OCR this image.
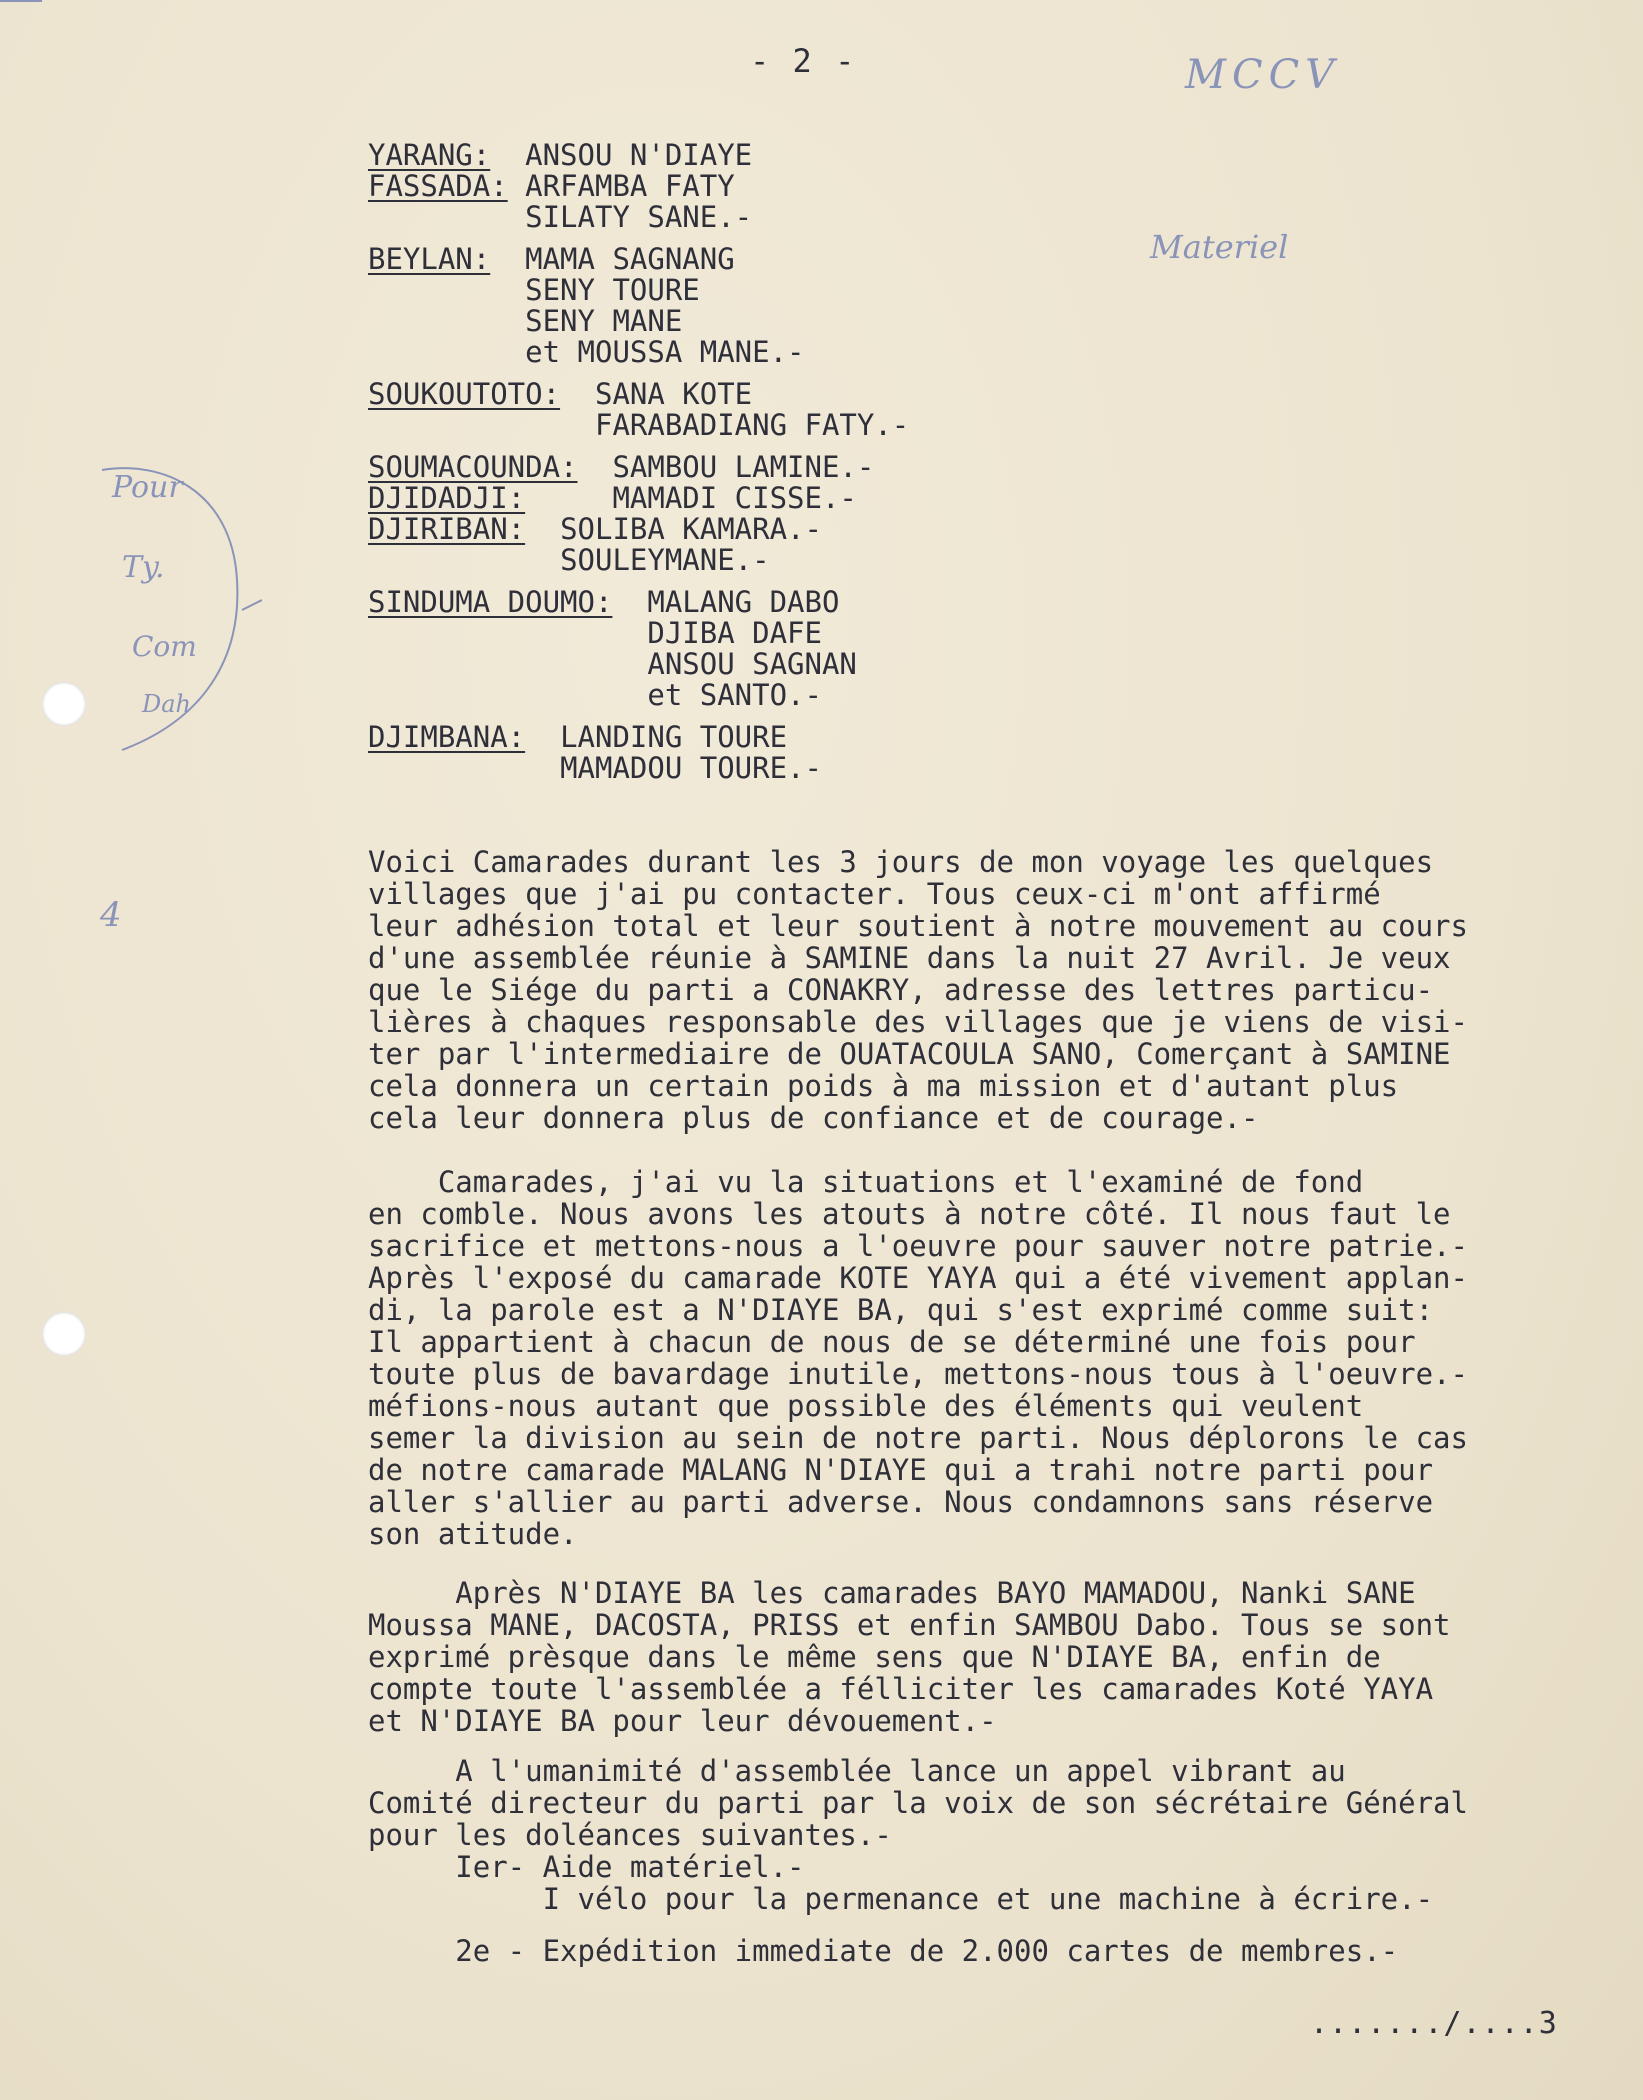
- 2 -	MCCV
Materiel
Pour
Ty.
Com
Dah
4
YARANG: ANSOU N'DIAYE
FASSADA: ARFAMBA FATY
SILATY SANE.-
BEYLAN: MAMA SAGNANG
SENY TOURE
SENY MANE
et MOUSSA MANE.-
SOUKOUTOTO: SANA KOTE
FARABADIANG FATY.-
SOUMACOUNDA: SAMBOU LAMINE.-
DJIDADJI:	MAMADI CISSE.-
DJIRIBAN: SOLIBA KAMARA.-
SOULEYMANE.-
SINDUMA DOUMO: MALANG DABO
DJIBA DAFE
ANSOU SAGNAN
et SANTO.-
DJIMBANA: LANDING TOURE
MAMADOU TOURE.-

Voici Camarades durant les 3 jours de mon voyage les quelques
villages que j'ai pu contacter. Tous ceux-ci m'ont affirmé
leur adhésion total et leur soutient à notre mouvement au cours
d'une assemblée réunie à SAMINE dans la nuit 27 Avril. Je veux
que le Siége du parti a CONAKRY, adresse des lettres particu-
lières à chaques responsable des villages que je viens de visi-
ter par l'intermediaire de OUATACOULA SANO, Comerçant à SAMINE
cela donnera un certain poids à ma mission et d'autant plus
cela leur donnera plus de confiance et de courage.-

Camarades, j'ai vu la situations et l'examiné de fond
en comble. Nous avons les atouts à notre côté. Il nous faut le
sacrifice et mettons-nous a l'oeuvre pour sauver notre patrie.-
Après l'exposé du camarade KOTE YAYA qui a été vivement applan-
di, la parole est a N'DIAYE BA, qui s'est exprimé comme suit:
Il appartient à chacun de nous de se déterminé une fois pour
toute plus de bavardage inutile, mettons-nous tous à l'oeuvre.-
méfions-nous autant que possible des éléments qui veulent
semer la division au sein de notre parti. Nous déplorons le cas
de notre camarade MALANG N'DIAYE qui a trahi notre parti pour
aller s'allier au parti adverse. Nous condamnons sans réserve
son atitude.

Après N'DIAYE BA les camarades BAYO MAMADOU, Nanki SANE
Moussa MANE, DACOSTA, PRISS et enfin SAMBOU Dabo. Tous se sont
exprimé prèsque dans le même sens que N'DIAYE BA, enfin de
compte toute l'assemblée a félliciter les camarades Koté YAYA
et N'DIAYE BA pour leur dévouement.-

A l'umanimité d'assemblée lance un appel vibrant au
Comité directeur du parti par la voix de son sécrétaire Général
pour les doléances suivantes.-
Ier- Aide matériel.-
I vélo pour la permenance et une machine à écrire.-

2e - Expédition immediate de 2.000 cartes de membres.-

......./....3
